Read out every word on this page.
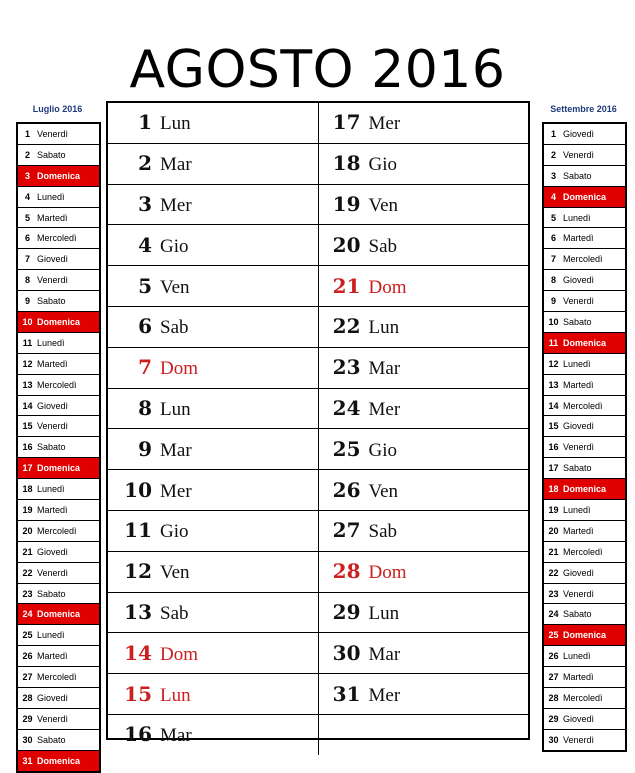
AGOSTO 2016
Luglio 2016
1	Venerdì
2	Sabato
3	Domenica
4	Lunedì
5	Martedì
6	Mercoledì
7	Giovedì
8	Venerdì
9	Sabato
10	Domenica
11	Lunedì
12	Martedì
13	Mercoledì
14	Giovedì
15	Venerdì
16	Sabato
17	Domenica
18	Lunedì
19	Martedì
20	Mercoledì
21	Giovedì
22	Venerdì
23	Sabato
24	Domenica
25	Lunedì
26	Martedì
27	Mercoledì
28	Giovedì
29	Venerdì
30	Sabato
31	Domenica
Settembre 2016
1	Giovedì
2	Venerdì
3	Sabato
4	Domenica
5	Lunedì
6	Martedì
7	Mercoledì
8	Giovedì
9	Venerdì
10	Sabato
11	Domenica
12	Lunedì
13	Martedì
14	Mercoledì
15	Giovedì
16	Venerdì
17	Sabato
18	Domenica
19	Lunedì
20	Martedì
21	Mercoledì
22	Giovedì
23	Venerdì
24	Sabato
25	Domenica
26	Lunedì
27	Martedì
28	Mercoledì
29	Giovedì
30	Venerdì
1 Lun	17 Mer
2 Mar	18 Gio
3 Mer	19 Ven
4 Gio	20 Sab
5 Ven	21 Dom
6 Sab	22 Lun
7 Dom	23 Mar
8 Lun	24 Mer
9 Mar	25 Gio
10 Mer	26 Ven
11 Gio	27 Sab
12 Ven	28 Dom
13 Sab	29 Lun
14 Dom	30 Mar
15 Lun	31 Mer
16 Mar	
